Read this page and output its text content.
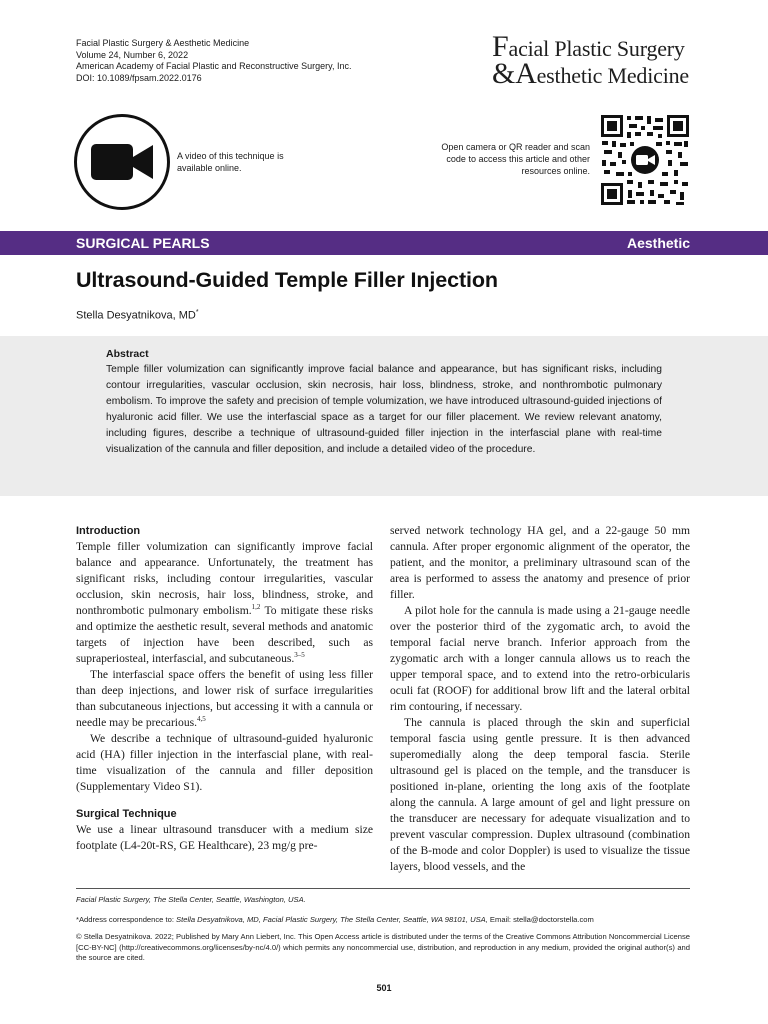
Facial Plastic Surgery & Aesthetic Medicine
Volume 24, Number 6, 2022
American Academy of Facial Plastic and Reconstructive Surgery, Inc.
DOI: 10.1089/fpsam.2022.0176
Facial Plastic Surgery
&Aesthetic Medicine
A video of this technique is available online.
Open camera or QR reader and scan code to access this article and other resources online.
SURGICAL PEARLS	Aesthetic
Ultrasound-Guided Temple Filler Injection
Stella Desyatnikova, MD*
Abstract
Temple filler volumization can significantly improve facial balance and appearance, but has significant risks, including contour irregularities, vascular occlusion, skin necrosis, hair loss, blindness, stroke, and nonthrombotic pulmonary embolism. To improve the safety and precision of temple volumization, we have introduced ultrasound-guided injections of hyaluronic acid filler. We use the interfascial space as a target for our filler placement. We review relevant anatomy, including figures, describe a technique of ultrasound-guided filler injection in the interfascial plane with real-time visualization of the cannula and filler deposition, and include a detailed video of the procedure.
Introduction

Temple filler volumization can significantly improve facial balance and appearance. Unfortunately, the treatment has significant risks, including contour irregularities, vascular occlusion, skin necrosis, hair loss, blindness, stroke, and nonthrombotic pulmonary embolism.$^{1,2}$ To mitigate these risks and optimize the aesthetic result, several methods and anatomic targets of injection have been described, such as supraperiosteal, interfascial, and subcutaneous.$^{3-5}$

The interfascial space offers the benefit of using less filler than deep injections, and lower risk of surface irregularities than subcutaneous injections, but accessing it with a cannula or needle may be precarious.$^{4,5}$

We describe a technique of ultrasound-guided hyaluronic acid (HA) filler injection in the interfascial plane, with real-time visualization of the cannula and filler deposition (Supplementary Video S1).

Surgical Technique

We use a linear ultrasound transducer with a medium size footplate (L4-20t-RS, GE Healthcare), 23 mg/g pre-

served network technology HA gel, and a 22-gauge 50 mm cannula. After proper ergonomic alignment of the operator, the patient, and the monitor, a preliminary ultrasound scan of the area is performed to assess the anatomy and presence of prior filler.

A pilot hole for the cannula is made using a 21-gauge needle over the posterior third of the zygomatic arch, to avoid the temporal facial nerve branch. Inferior approach from the zygomatic arch with a longer cannula allows us to reach the upper temporal space, and to extend into the retro-orbicularis oculi fat (ROOF) for additional brow lift and the lateral orbital rim contouring, if necessary.

The cannula is placed through the skin and superficial temporal fascia using gentle pressure. It is then advanced superomedially along the deep temporal fascia. Sterile ultrasound gel is placed on the temple, and the transducer is positioned in-plane, orienting the long axis of the footplate along the cannula. A large amount of gel and light pressure on the transducer are necessary for adequate visualization and to prevent vascular compression. Duplex ultrasound (combination of the B-mode and color Doppler) is used to visualize the tissue layers, blood vessels, and the

Facial Plastic Surgery, The Stella Center, Seattle, Washington, USA.
*Address correspondence to: Stella Desyatnikova, MD, Facial Plastic Surgery, The Stella Center, Seattle, WA 98101, USA, Email: stella@doctorstella.com
© Stella Desyatnikova. 2022; Published by Mary Ann Liebert, Inc. This Open Access article is distributed under the terms of the Creative Commons Attribution Noncommercial License [CC-BY-NC] (http://creativecommons.org/licenses/by-nc/4.0/) which permits any noncommercial use, distribution, and reproduction in any medium, provided the original author(s) and the source are cited.
501
